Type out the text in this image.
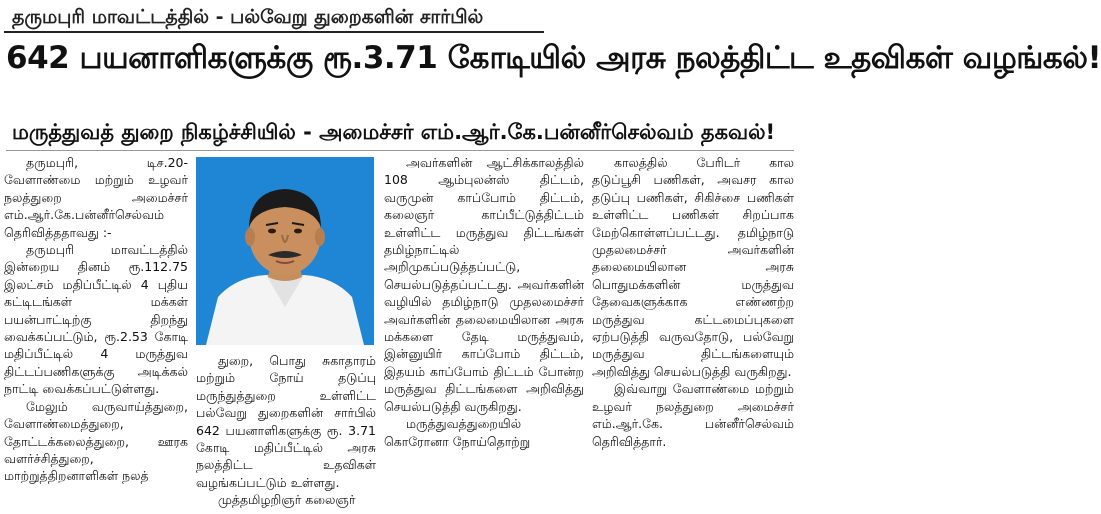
தருமபுரி மாவட்டத்தில் - பல்வேறு துறைகளின் சார்பில்
642 பயனாளிகளுக்கு ரூ.3.71 கோடியில் அரசு நலத்திட்ட உதவிகள் வழங்கல்!
மருத்துவத் துறை நிகழ்ச்சியில் - அமைச்சர் எம்.ஆர்.கே.பன்னீர்செல்வம் தகவல்!

தருமபுரி, டிச.20- வேளாண்மை மற்றும் உழவர் நலத்துறை அமைச்சர் எம்.ஆர்.கே.பன்னீர்செல்வம் தெரிவித்ததாவது :-

தருமபுரி மாவட்டத்தில் இன்றைய தினம் ரூ.112.75 இலட்சம் மதிப்பீட்டில் 4 புதிய கட்டிடங்கள் மக்கள் பயன்பாட்டிற்கு திறந்து வைக்கப்பட்டும், ரூ.2.53 கோடி மதிப்பீட்டில் 4 மருத்துவ திட்டப்பணிகளுக்கு அடிக்கல் நாட்டி வைக்கப்பட்டுள்ளது.

மேலும் வருவாய்த்துறை, வேளாண்மைத்துறை, தோட்டக்கலைத்துறை, ஊரக வளர்ச்சித்துறை, மாற்றுத்திறனாளிகள் நலத்

துறை, பொது சுகாதாரம் மற்றும் நோய் தடுப்பு மருந்துத்துறை உள்ளிட்ட பல்வேறு துறைகளின் சார்பில் 642 பயனாளிகளுக்கு ரூ. 3.71 கோடி மதிப்பீட்டில் அரசு நலத்திட்ட உதவிகள் வழங்கப்பட்டும் உள்ளது.

முத்தமிழறிஞர் கலைஞர்

அவர்களின் ஆட்சிக்காலத்தில் 108 ஆம்புலன்ஸ் திட்டம், வருமுன் காப்போம் திட்டம், கலைஞர் காப்பீட்டுத்திட்டம் உள்ளிட்ட மருத்துவ திட்டங்கள் தமிழ்நாட்டில் அறிமுகப்படுத்தப்பட்டு, செயல்படுத்தப்பட்டது. அவர்களின் வழியில் தமிழ்நாடு முதலமைச்சர் அவர்களின் தலைமையிலான அரசு மக்களை தேடி மருத்துவம், இன்னுயிர் காப்போம் திட்டம், இதயம் காப்போம் திட்டம் போன்ற மருத்துவ திட்டங்களை அறிவித்து செயல்படுத்தி வருகிறது.

மருத்துவத்துறையில் கொரோனா நோய்தொற்று

காலத்தில் பேரிடர் கால தடுப்பூசி பணிகள், அவசர கால தடுப்பு பணிகள், சிகிச்சை பணிகள் உள்ளிட்ட பணிகள் சிறப்பாக மேற்கொள்ளப்பட்டது. தமிழ்நாடு முதலமைச்சர் அவர்களின் தலைமையிலான அரசு பொதுமக்களின் மருத்துவ தேவைகளுக்காக எண்ணற்ற மருத்துவ கட்டமைப்புகளை ஏற்படுத்தி வருவதோடு, பல்வேறு மருத்துவ திட்டங்களையும் அறிவித்து செயல்படுத்தி வருகிறது.

இவ்வாறு வேளாண்மை மற்றும் உழவர் நலத்துறை அமைச்சர் எம்.ஆர்.கே. பன்னீர்செல்வம் தெரிவித்தார்.
